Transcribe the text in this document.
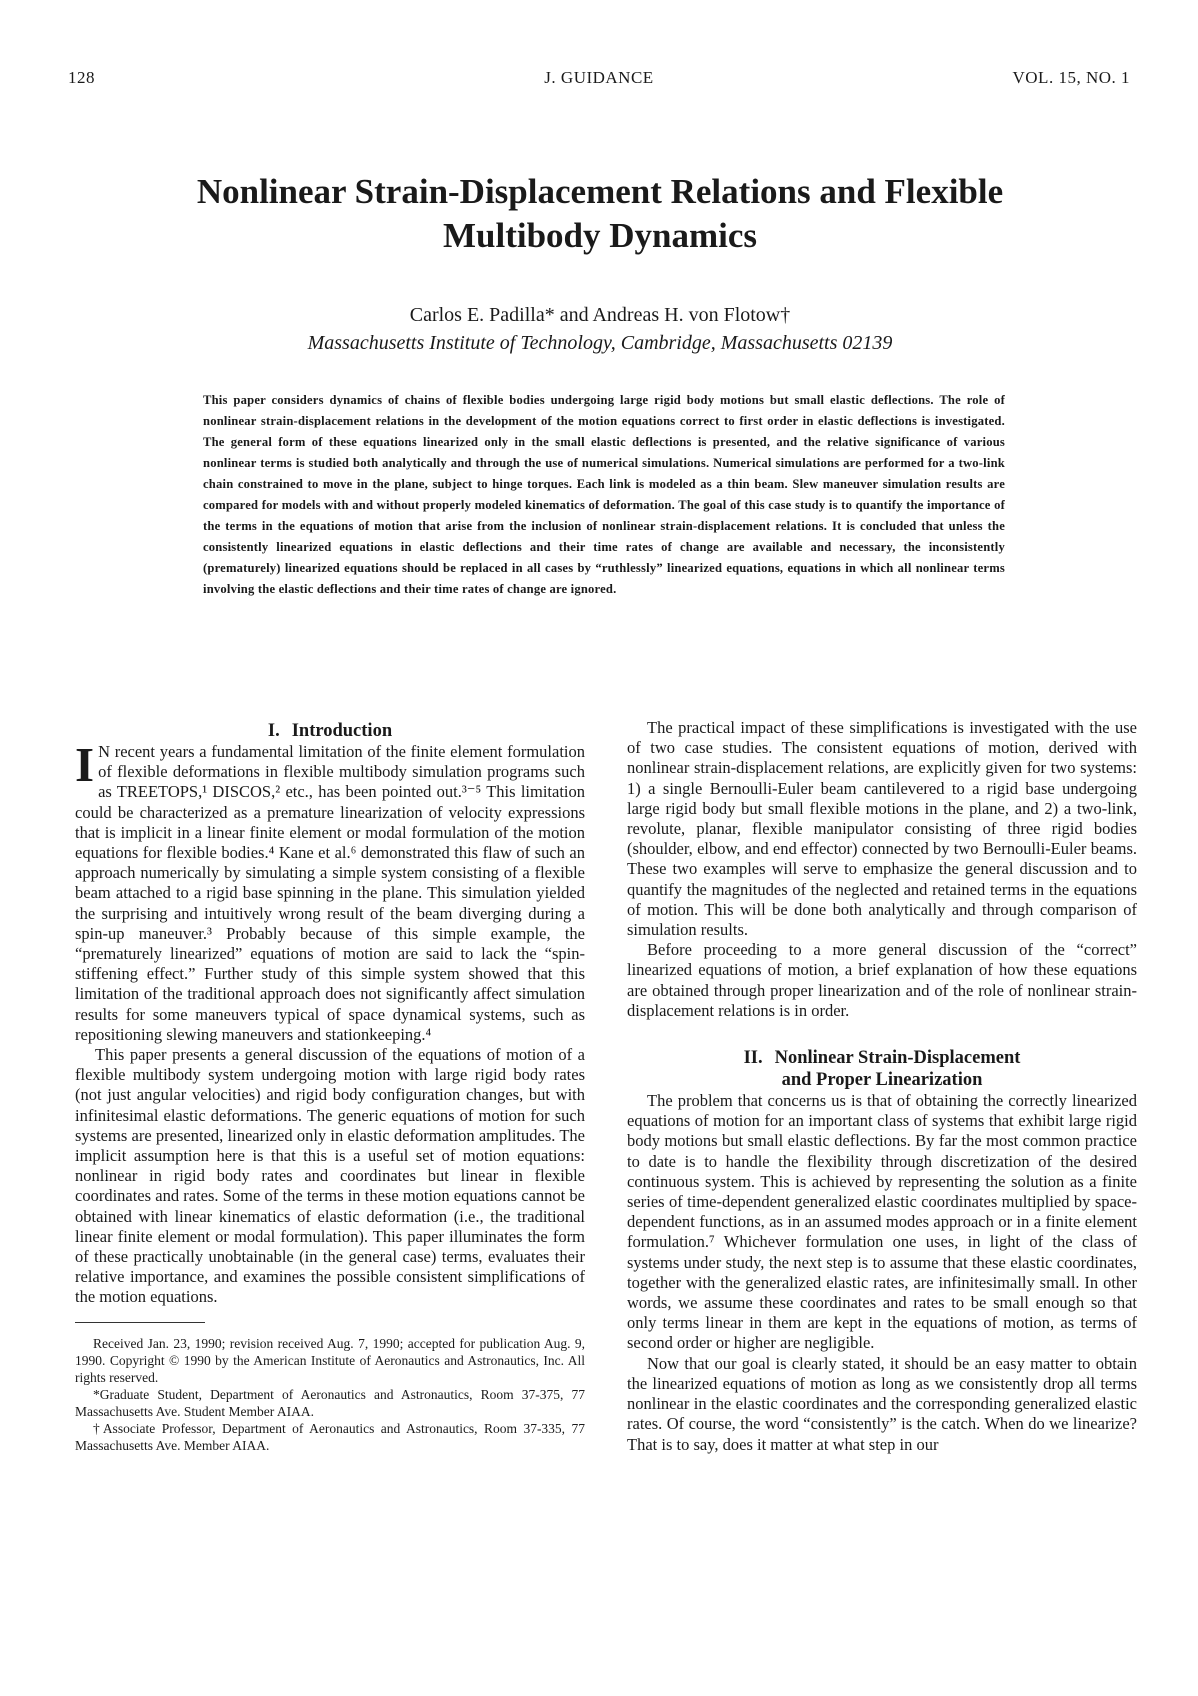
128	J. GUIDANCE	VOL. 15, NO. 1
Nonlinear Strain-Displacement Relations and Flexible
Multibody Dynamics
Carlos E. Padilla* and Andreas H. von Flotow†
Massachusetts Institute of Technology, Cambridge, Massachusetts 02139
This paper considers dynamics of chains of flexible bodies undergoing large rigid body motions but small elastic deflections. The role of nonlinear strain-displacement relations in the development of the motion equations correct to first order in elastic deflections is investigated. The general form of these equations linearized only in the small elastic deflections is presented, and the relative significance of various nonlinear terms is studied both analytically and through the use of numerical simulations. Numerical simulations are performed for a two-link chain constrained to move in the plane, subject to hinge torques. Each link is modeled as a thin beam. Slew maneuver simulation results are compared for models with and without properly modeled kinematics of deformation. The goal of this case study is to quantify the importance of the terms in the equations of motion that arise from the inclusion of nonlinear strain-displacement relations. It is concluded that unless the consistently linearized equations in elastic deflections and their time rates of change are available and necessary, the inconsistently (prematurely) linearized equations should be replaced in all cases by “ruthlessly” linearized equations, equations in which all nonlinear terms involving the elastic deflections and their time rates of change are ignored.
I. Introduction

I N recent years a fundamental limitation of the finite element formulation of flexible deformations in flexible multibody simulation programs such as TREETOPS,¹ DISCOS,² etc., has been pointed out.³⁻⁵ This limitation could be characterized as a premature linearization of velocity expressions that is implicit in a linear finite element or modal formulation of the motion equations for flexible bodies.⁴ Kane et al.⁶ demonstrated this flaw of such an approach numerically by simulating a simple system consisting of a flexible beam attached to a rigid base spinning in the plane. This simulation yielded the surprising and intuitively wrong result of the beam diverging during a spin-up maneuver.³ Probably because of this simple example, the “prematurely linearized” equations of motion are said to lack the “spin-stiffening effect.” Further study of this simple system showed that this limitation of the traditional approach does not significantly affect simulation results for some maneuvers typical of space dynamical systems, such as repositioning slewing maneuvers and stationkeeping.⁴

This paper presents a general discussion of the equations of motion of a flexible multibody system undergoing motion with large rigid body rates (not just angular velocities) and rigid body configuration changes, but with infinitesimal elastic deformations. The generic equations of motion for such systems are presented, linearized only in elastic deformation amplitudes. The implicit assumption here is that this is a useful set of motion equations: nonlinear in rigid body rates and coordinates but linear in flexible coordinates and rates. Some of the terms in these motion equations cannot be obtained with linear kinematics of elastic deformation (i.e., the traditional linear finite element or modal formulation). This paper illuminates the form of these practically unobtainable (in the general case) terms, evaluates their relative importance, and examines the possible consistent simplifications of the motion equations.

Received Jan. 23, 1990; revision received Aug. 7, 1990; accepted for publication Aug. 9, 1990. Copyright © 1990 by the American Institute of Aeronautics and Astronautics, Inc. All rights reserved.

*Graduate Student, Department of Aeronautics and Astronautics, Room 37-375, 77 Massachusetts Ave. Student Member AIAA.

†Associate Professor, Department of Aeronautics and Astronautics, Room 37-335, 77 Massachusetts Ave. Member AIAA.

The practical impact of these simplifications is investigated with the use of two case studies. The consistent equations of motion, derived with nonlinear strain-displacement relations, are explicitly given for two systems: 1) a single Bernoulli-Euler beam cantilevered to a rigid base undergoing large rigid body but small flexible motions in the plane, and 2) a two-link, revolute, planar, flexible manipulator consisting of three rigid bodies (shoulder, elbow, and end effector) connected by two Bernoulli-Euler beams. These two examples will serve to emphasize the general discussion and to quantify the magnitudes of the neglected and retained terms in the equations of motion. This will be done both analytically and through comparison of simulation results.

Before proceeding to a more general discussion of the “correct” linearized equations of motion, a brief explanation of how these equations are obtained through proper linearization and of the role of nonlinear strain-displacement relations is in order.

II. Nonlinear Strain-Displacement
and Proper Linearization

The problem that concerns us is that of obtaining the correctly linearized equations of motion for an important class of systems that exhibit large rigid body motions but small elastic deflections. By far the most common practice to date is to handle the flexibility through discretization of the desired continuous system. This is achieved by representing the solution as a finite series of time-dependent generalized elastic coordinates multiplied by space-dependent functions, as in an assumed modes approach or in a finite element formulation.⁷ Whichever formulation one uses, in light of the class of systems under study, the next step is to assume that these elastic coordinates, together with the generalized elastic rates, are infinitesimally small. In other words, we assume these coordinates and rates to be small enough so that only terms linear in them are kept in the equations of motion, as terms of second order or higher are negligible.

Now that our goal is clearly stated, it should be an easy matter to obtain the linearized equations of motion as long as we consistently drop all terms nonlinear in the elastic coordinates and the corresponding generalized elastic rates. Of course, the word “consistently” is the catch. When do we linearize? That is to say, does it matter at what step in our
